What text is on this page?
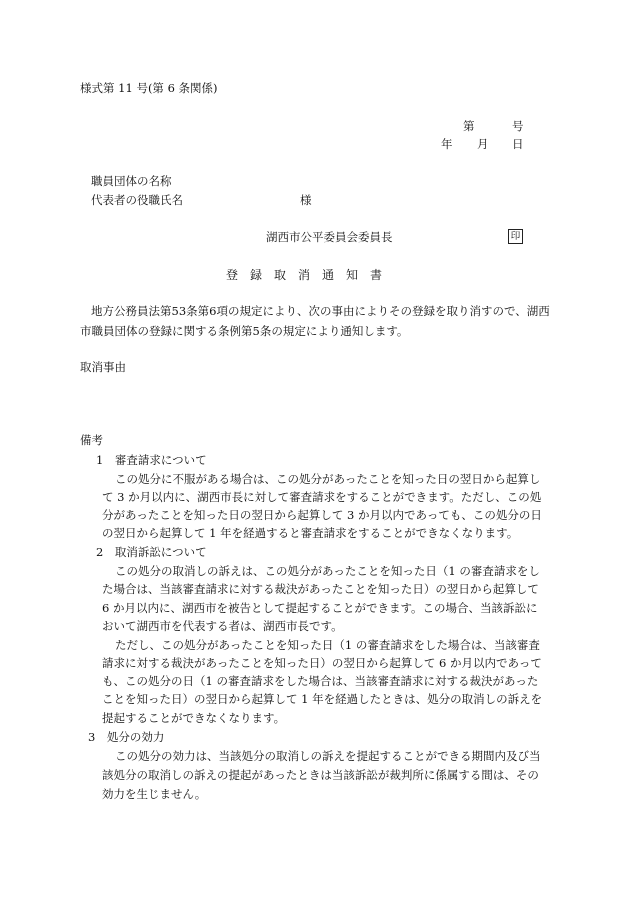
様式第 11 号(第 6 条関係)
第	号
年 月 日
職員団体の名称
代表者の役職氏名	様
湖西市公平委員会委員長	印
登　録　取　消　通　知　書
地方公務員法第53条第6項の規定により、次の事由によりその登録を取り消すので、湖西
市職員団体の登録に関する条例第5条の規定により通知します。
取消事由
備考
1　審査請求について
この処分に不服がある場合は、この処分があったことを知った日の翌日から起算し
て 3 か月以内に、湖西市長に対して審査請求をすることができます。ただし、この処
分があったことを知った日の翌日から起算して 3 か月以内であっても、この処分の日
の翌日から起算して 1 年を経過すると審査請求をすることができなくなります。
2　取消訴訟について
この処分の取消しの訴えは、この処分があったことを知った日（1 の審査請求をし
た場合は、当該審査請求に対する裁決があったことを知った日）の翌日から起算して
6 か月以内に、湖西市を被告として提起することができます。この場合、当該訴訟に
おいて湖西市を代表する者は、湖西市長です。
ただし、この処分があったことを知った日（1 の審査請求をした場合は、当該審査
請求に対する裁決があったことを知った日）の翌日から起算して 6 か月以内であって
も、この処分の日（1 の審査請求をした場合は、当該審査請求に対する裁決があった
ことを知った日）の翌日から起算して 1 年を経過したときは、処分の取消しの訴えを
提起することができなくなります。
3　処分の効力
この処分の効力は、当該処分の取消しの訴えを提起することができる期間内及び当
該処分の取消しの訴えの提起があったときは当該訴訟が裁判所に係属する間は、その
効力を生じません。
